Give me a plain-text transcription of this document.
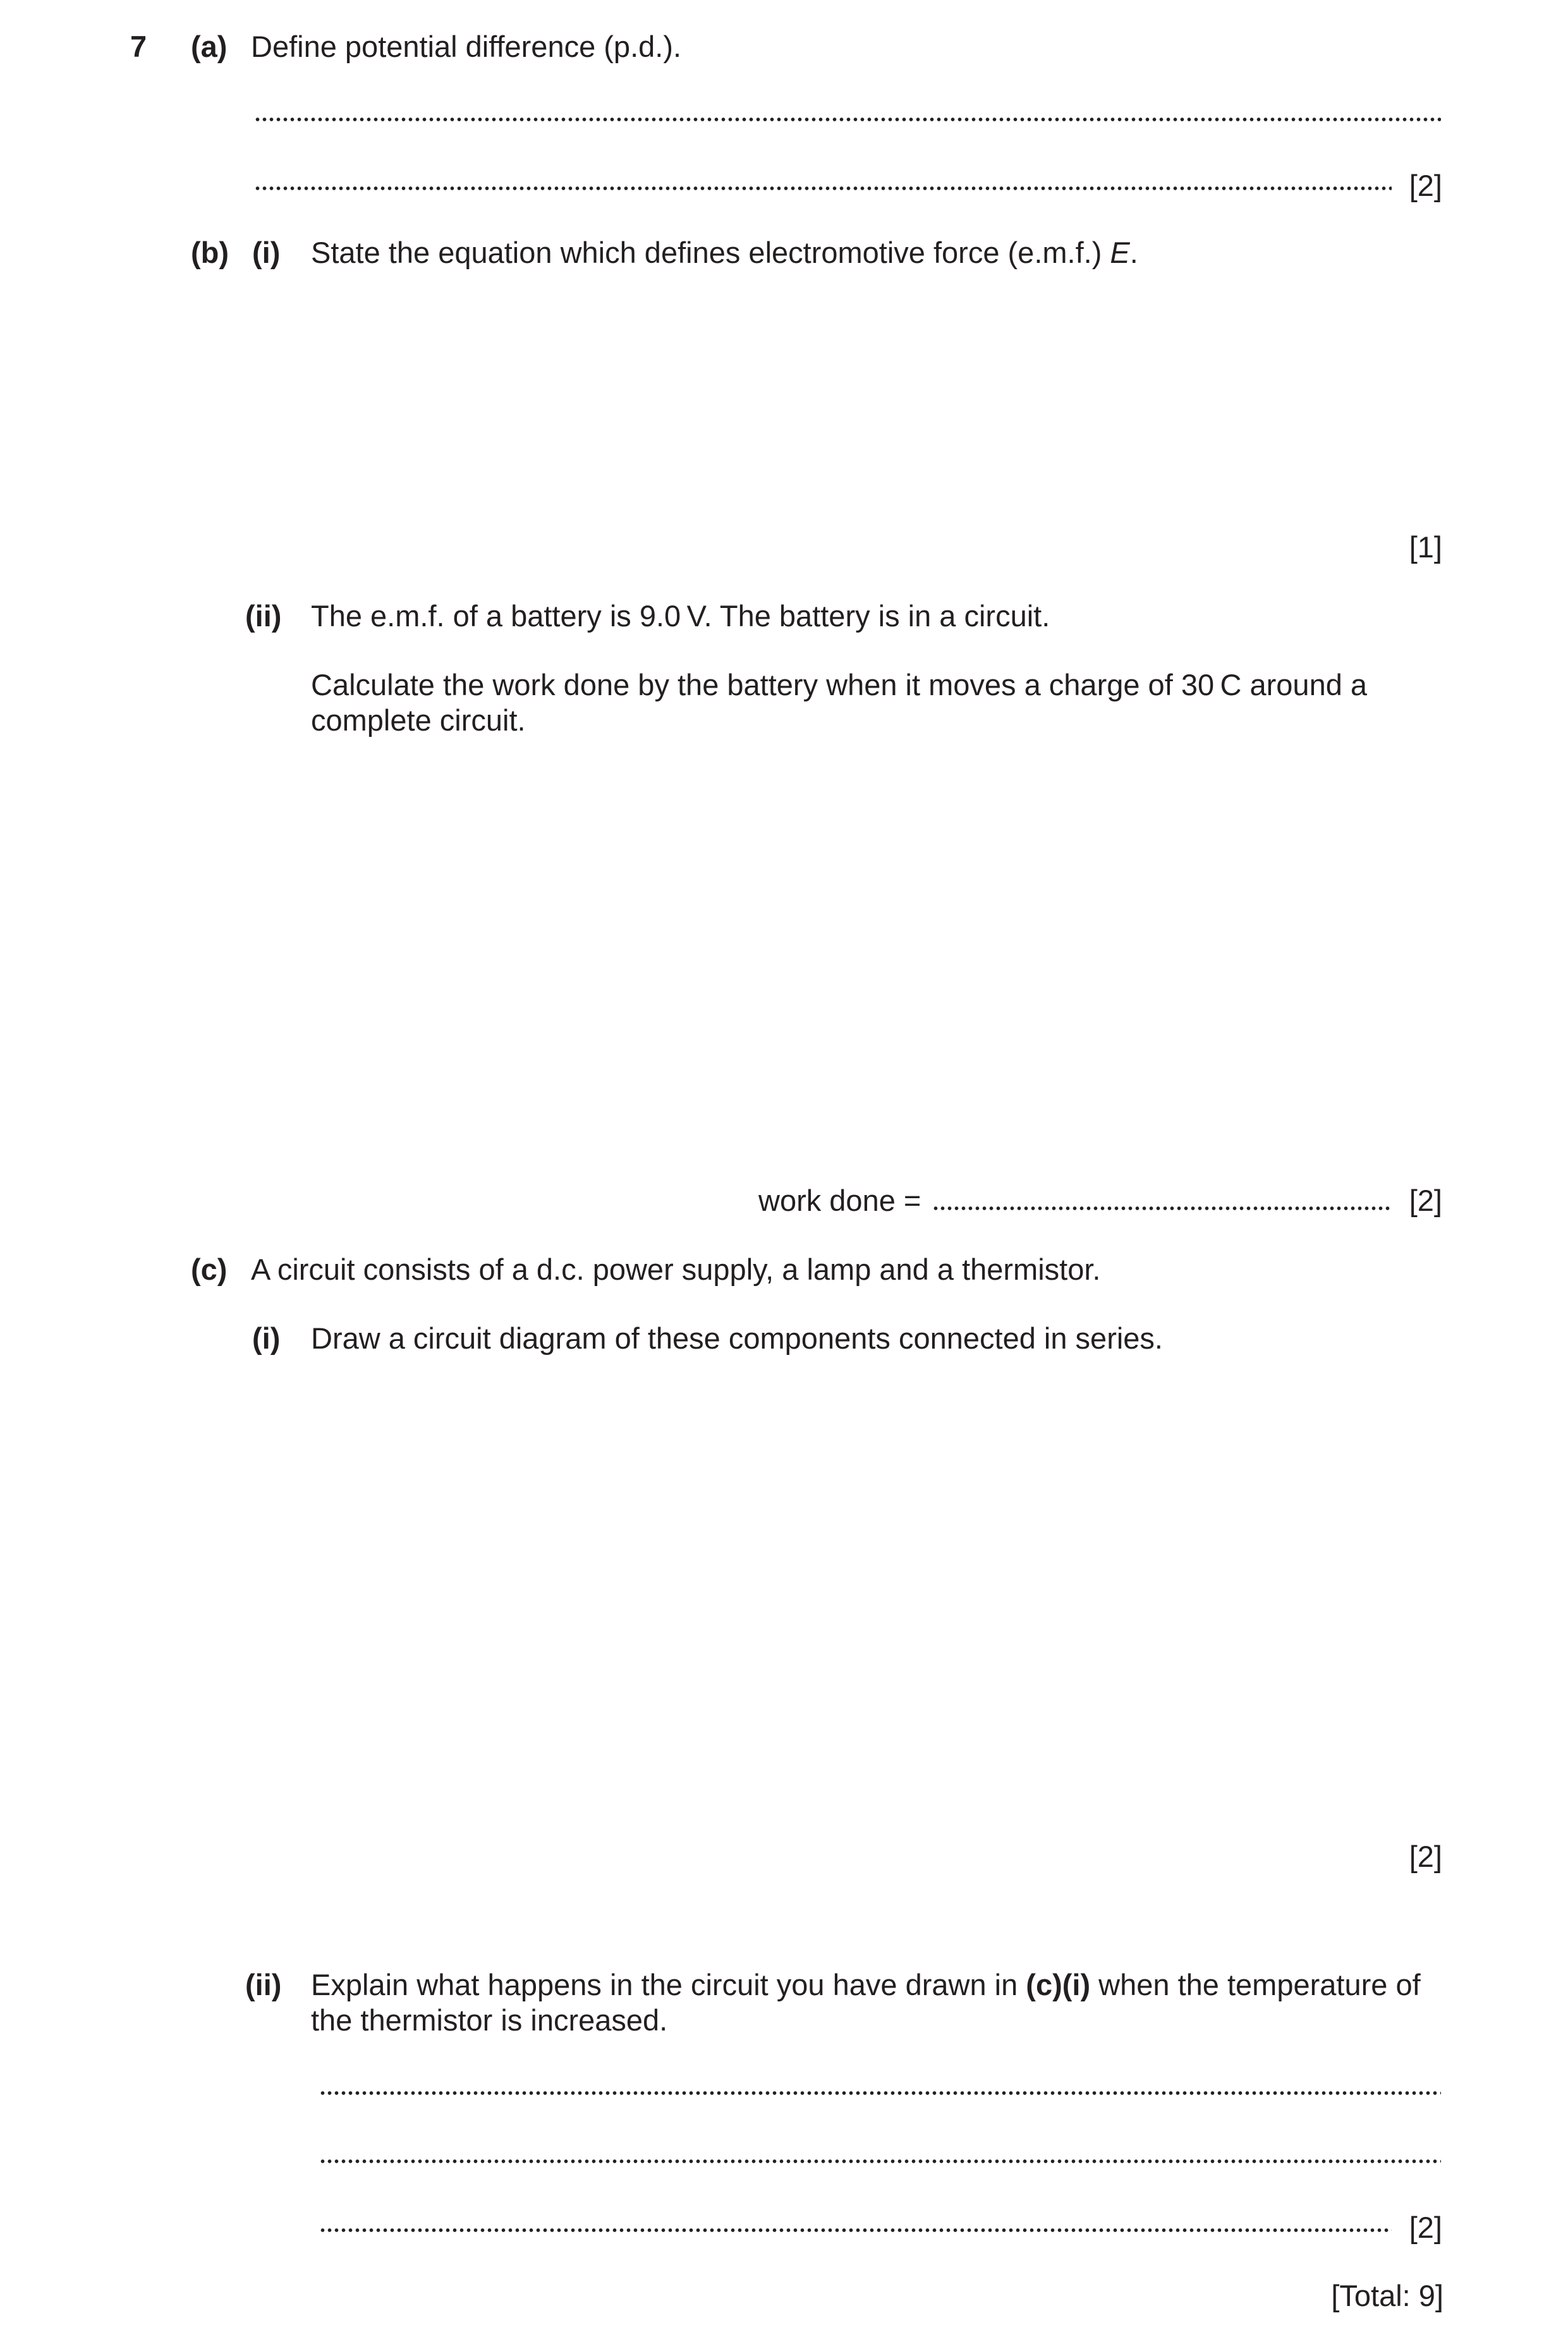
7 (a) Define potential difference (p.d.).
[2]
(b) (i) State the equation which defines electromotive force (e.m.f.) E.
[1]
(ii) The e.m.f. of a battery is 9.0 V. The battery is in a circuit.
Calculate the work done by the battery when it moves a charge of 30 C around a complete circuit.
work done =	[2]
(c) A circuit consists of a d.c. power supply, a lamp and a thermistor.
(i) Draw a circuit diagram of these components connected in series.
[2]
(ii) Explain what happens in the circuit you have drawn in (c)(i) when the temperature of the thermistor is increased.
[2]
[Total: 9]
